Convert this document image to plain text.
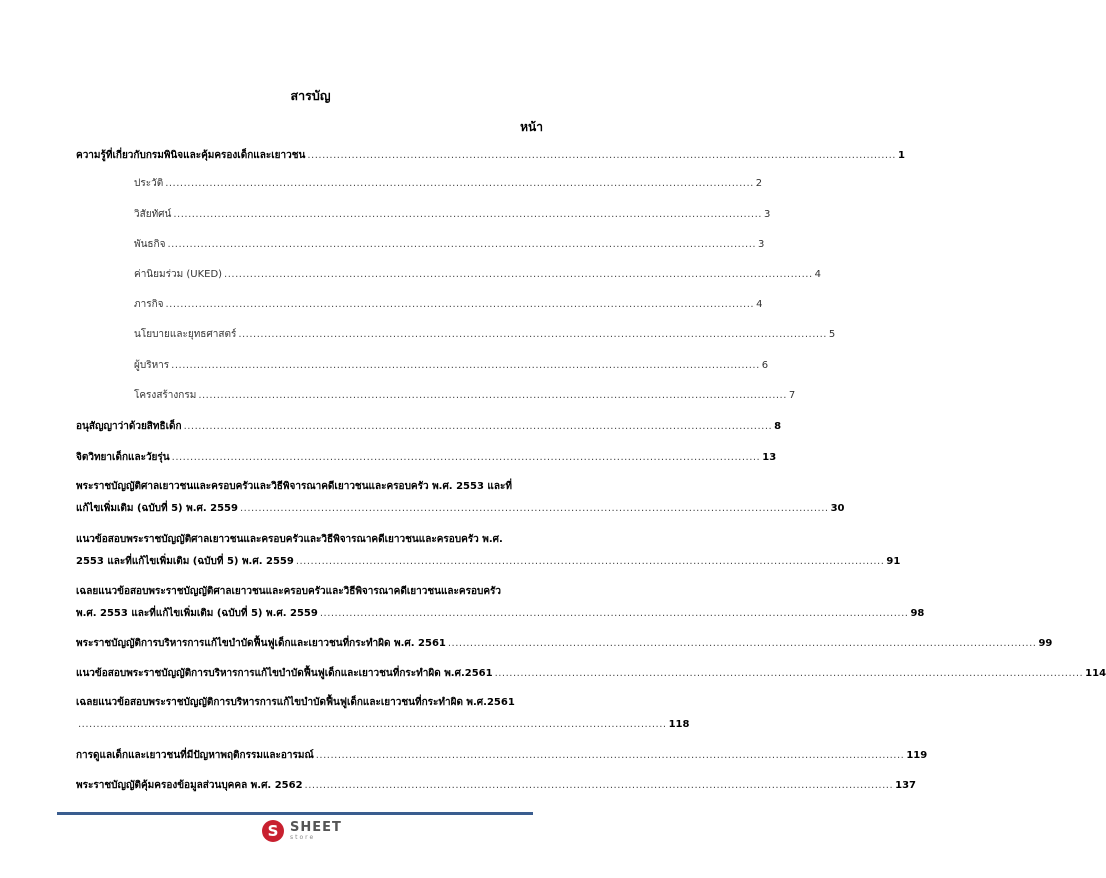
สารบัญ
หน้า
ความรู้ที่เกี่ยวกับกรมพินิจและคุ้มครองเด็กและเยาวชน ................................................................................................................................................................ 1
ประวัติ ................................................................................................................................................................ 2
วิสัยทัศน์ ................................................................................................................................................................ 3
พันธกิจ ................................................................................................................................................................ 3
ค่านิยมร่วม (UKED) ................................................................................................................................................................ 4
ภารกิจ ................................................................................................................................................................ 4
นโยบายและยุทธศาสตร์ ................................................................................................................................................................ 5
ผู้บริหาร ................................................................................................................................................................ 6
โครงสร้างกรม ................................................................................................................................................................ 7
อนุสัญญาว่าด้วยสิทธิเด็ก ................................................................................................................................................................ 8
จิตวิทยาเด็กและวัยรุ่น ................................................................................................................................................................ 13
พระราชบัญญัติศาลเยาวชนและครอบครัวและวิธีพิจารณาคดีเยาวชนและครอบครัว พ.ศ. 2553 และที่
แก้ไขเพิ่มเติม (ฉบับที่ 5) พ.ศ. 2559 ................................................................................................................................................................ 30
แนวข้อสอบพระราชบัญญัติศาลเยาวชนและครอบครัวและวิธีพิจารณาคดีเยาวชนและครอบครัว พ.ศ.
2553 และที่แก้ไขเพิ่มเติม (ฉบับที่ 5) พ.ศ. 2559 ................................................................................................................................................................ 91
เฉลยแนวข้อสอบพระราชบัญญัติศาลเยาวชนและครอบครัวและวิธีพิจารณาคดีเยาวชนและครอบครัว
พ.ศ. 2553 และที่แก้ไขเพิ่มเติม (ฉบับที่ 5) พ.ศ. 2559 ................................................................................................................................................................ 98
พระราชบัญญัติการบริหารการแก้ไขบำบัดฟื้นฟูเด็กและเยาวชนที่กระทำผิด พ.ศ. 2561 ................................................................................................................................................................ 99
แนวข้อสอบพระราชบัญญัติการบริหารการแก้ไขบำบัดฟื้นฟูเด็กและเยาวชนที่กระทำผิด พ.ศ.2561 ................................................................................................................................................................ 114
เฉลยแนวข้อสอบพระราชบัญญัติการบริหารการแก้ไขบำบัดฟื้นฟูเด็กและเยาวชนที่กระทำผิด พ.ศ.2561
................................................................................................................................................................ 118
การดูแลเด็กและเยาวชนที่มีปัญหาพฤติกรรมและอารมณ์ ................................................................................................................................................................ 119
พระราชบัญญัติคุ้มครองข้อมูลส่วนบุคคล พ.ศ. 2562 ................................................................................................................................................................ 137
S SHEET
store
